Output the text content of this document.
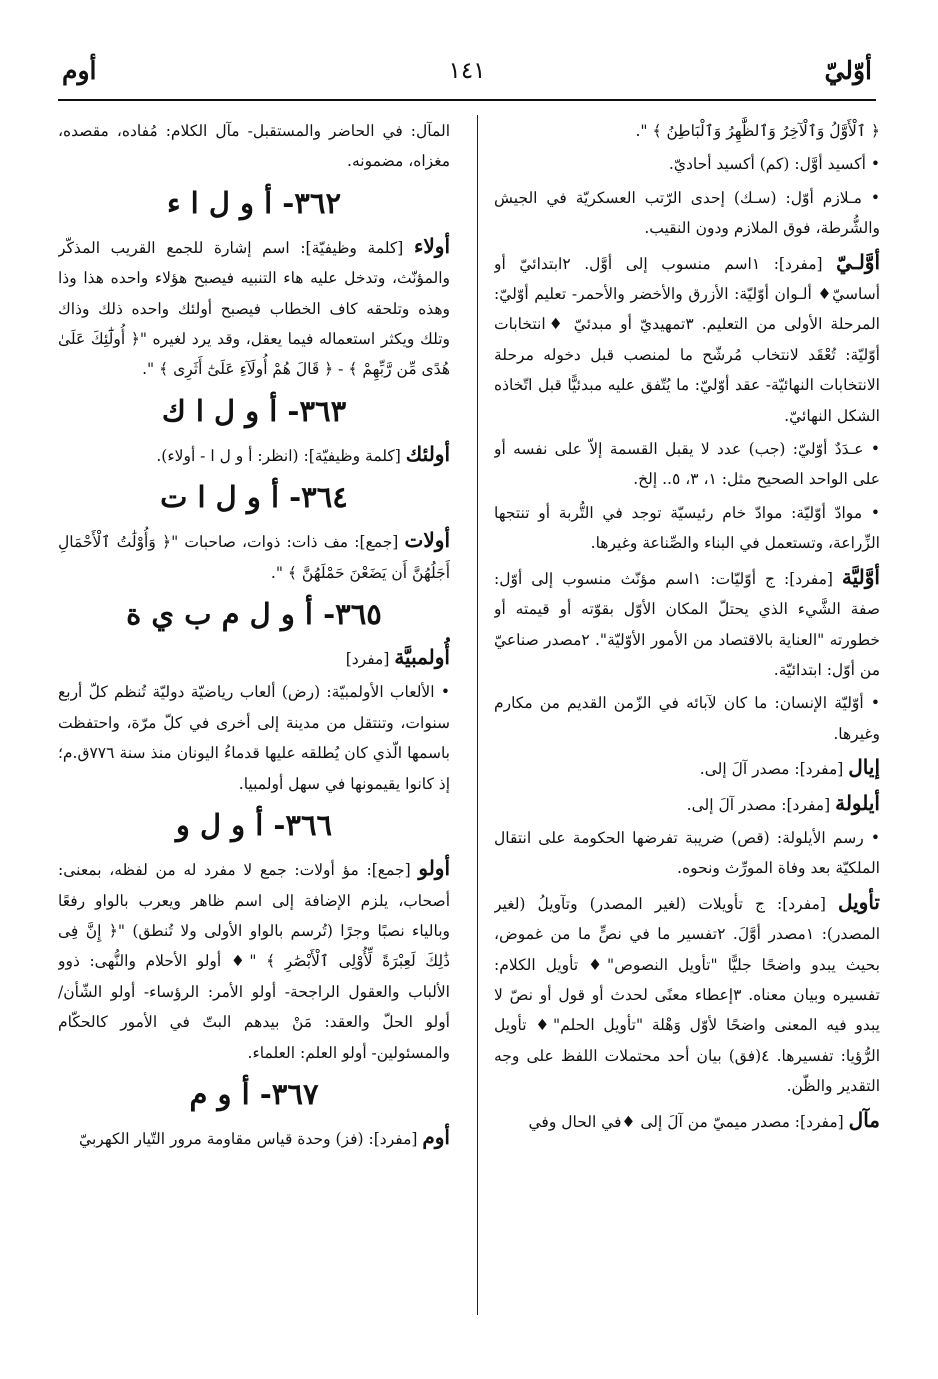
أوّليّ
١٤١
أوم

﴿ ٱلْأَوَّلُ وَٱلْآخِرُ وَٱلظَّٰهِرُ وَٱلْبَاطِنُ ﴾ ".

• أكسيد أوَّل: (كم) أكسيد أحاديّ.

• مـلازم أوّل: (سـك) إحدى الرّتب العسكريّة في الجيش والشُّرطة، فوق الملازم ودون النقيب.

أوَّلـيّ [مفرد]: ١اسم منسوب إلى أوَّل. ٢ابتدائيّ أو أساسيّ♦ ألـوان أوّليّة: الأزرق والأخضر والأحمر- تعليم أوّليّ: المرحلة الأولى من التعليم. ٣تمهيديّ أو مبدئيّ ♦انتخابات أوّليّة: تُعْقَد لانتخاب مُرشّح ما لمنصب قبل دخوله مرحلة الانتخابات النهائيّة- عقد أوّليّ: ما يُتّفق عليه مبدئيًّا قبل اتّخاذه الشكل النهائيّ.

• عـدَدٌ أوّليّ: (جب) عدد لا يقبل القسمة إلاّ على نفسه أو على الواحد الصحيح مثل: ١، ٣، ٥.. إلخ.

• موادّ أوّليّة: موادّ خام رئيسيّة توجد في التُّربة أو تنتجها الزِّراعة، وتستعمل في البناء والصِّناعة وغيرها.

أوَّليَّة [مفرد]: ج أوّليّات: ١اسم مؤنّث منسوب إلى أوّل: صفة الشَّيء الذي يحتلّ المكان الأوّل بقوّته أو قيمته أو خطورته "العناية بالاقتصاد من الأمور الأوّليّة". ٢مصدر صناعيّ من أوّل: ابتدائيّة.

• أوّليّة الإنسان: ما كان لآبائه في الزّمن القديم من مكارم وغيرها.

إيال [مفرد]: مصدر آلَ إلى.

أيلولة [مفرد]: مصدر آلَ إلى.

• رسم الأيلولة: (قص) ضريبة تفرضها الحكومة على انتقال الملكيّة بعد وفاة المورِّث ونحوه.

تأويل [مفرد]: ج تأويلات (لغير المصدر) وتآويلُ (لغير المصدر): ١مصدر أوَّلَ. ٢تفسير ما في نصٍّ ما من غموض، بحيث يبدو واضحًا جليًّا "تأويل النصوص"♦ تأويل الكلام: تفسيره وبيان معناه. ٣إعطاء معنًى لحدث أو قول أو نصّ لا يبدو فيه المعنى واضحًا لأوّل وَهْلة "تأويل الحلم"♦ تأويل الرُّؤيا: تفسيرها. ٤(فق) بيان أحد محتملات اللفظ على وجه التقدير والظّن.

مآل [مفرد]: مصدر ميميّ من آلَ إلى ♦في الحال وفي

المآل: في الحاضر والمستقبل- مآل الكلام: مُفاده، مقصده، مغزاه، مضمونه.

٣٦٢- أ و ل ا ء

أولاء [كلمة وظيفيّة]: اسم إشارة للجمع القريب المذكّر والمؤنّث، وتدخل عليه هاء التنبيه فيصبح هؤلاء واحده هذا وذا وهذه وتلحقه كاف الخطاب فيصبح أولئك واحده ذلك وذاك وتلك ويكثر استعماله فيما يعقل، وقد يرد لغيره "﴿ أُولَٰٓئِكَ عَلَىٰ هُدًى مِّن رَّبِّهِمْ ﴾ - ﴿ قَالَ هُمْ أُولَآءِ عَلَىٰٓ أَثَرِى ﴾ ".

٣٦٣- أ و ل ا ك

أولئك [كلمة وظيفيّة]: (انظر: أ و ل ا - أولاء).

٣٦٤- أ و ل ا ت

أولات [جمع]: مف ذات: ذوات، صاحبات "﴿ وَأُوْلَٰتُ ٱلْأَحْمَالِ أَجَلُهُنَّ أَن يَضَعْنَ حَمْلَهُنَّ ﴾ ".

٣٦٥- أ و ل م ب ي ة

أُولمبيَّة [مفرد]

• الألعاب الأولمبيّة: (رض) ألعاب رياضيّة دوليّة تُنظم كلّ أربع سنوات، وتنتقل من مدينة إلى أخرى في كلّ مرّة، واحتفظت باسمها الّذي كان يُطلقه عليها قدماءُ اليونان منذ سنة ٧٧٦ق.م؛ إذ كانوا يقيمونها في سهل أولمبيا.

٣٦٦- أ و ل و

أولو [جمع]: مؤ أولات: جمع لا مفرد له من لفظه، بمعنى: أصحاب، يلزم الإضافة إلى اسم ظاهر ويعرب بالواو رفعًا وبالياء نصبًا وجرًا (تُرسم بالواو الأولى ولا تُنطق) "﴿ إِنَّ فِى ذَٰلِكَ لَعِبْرَةً لِّأُوْلِى ٱلْأَبْصَٰرِ ﴾ "♦ أولو الأحلام والنُّهى: ذوو الألباب والعقول الراجحة- أولو الأمر: الرؤساء- أولو الشّأن/ أولو الحلّ والعقد: مَنْ بيدهم البتّ في الأمور كالحكّام والمسئولين- أولو العلم: العلماء.

٣٦٧- أ و م

أوم [مفرد]: (فز) وحدة قياس مقاومة مرور التّيار الكهربيّ
